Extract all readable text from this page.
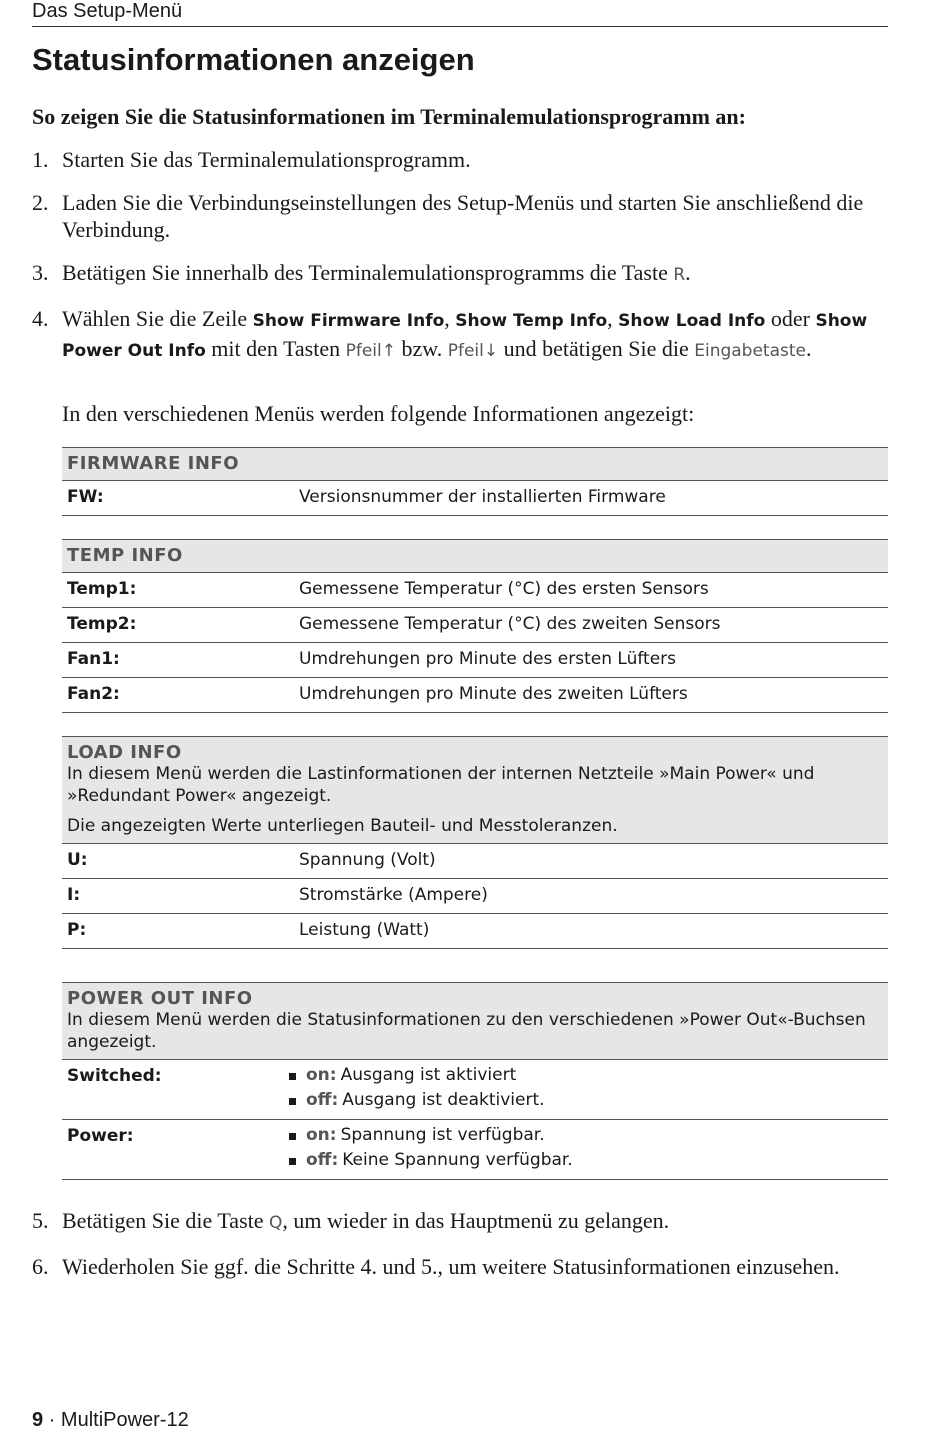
Das Setup-Menü
Statusinformationen anzeigen
So zeigen Sie die Statusinformationen im Terminalemulationsprogramm an:
1. Starten Sie das Terminalemulationsprogramm.
2. Laden Sie die Verbindungseinstellungen des Setup-Menüs und starten Sie anschließend die Verbindung.
3. Betätigen Sie innerhalb des Terminalemulationsprogramms die Taste R.
4. Wählen Sie die Zeile Show Firmware Info, Show Temp Info, Show Load Info oder Show Power Out Info mit den Tasten Pfeil↑ bzw. Pfeil↓ und betätigen Sie die Eingabetaste.
In den verschiedenen Menüs werden folgende Informationen angezeigt:
FIRMWARE INFO
FW:	Versionsnummer der installierten Firmware
TEMP INFO
Temp1:	Gemessene Temperatur (°C) des ersten Sensors
Temp2:	Gemessene Temperatur (°C) des zweiten Sensors
Fan1:	Umdrehungen pro Minute des ersten Lüfters
Fan2:	Umdrehungen pro Minute des zweiten Lüfters
LOAD INFO
In diesem Menü werden die Lastinformationen der internen Netzteile »Main Power« und »Redundant Power« angezeigt.
Die angezeigten Werte unterliegen Bauteil- und Messtoleranzen.
U:	Spannung (Volt)
I:	Stromstärke (Ampere)
P:	Leistung (Watt)
POWER OUT INFO
In diesem Menü werden die Statusinformationen zu den verschiedenen »Power Out«-Buchsen angezeigt.
Switched:	on: Ausgang ist aktiviert
off: Ausgang ist deaktiviert.
Power:	on: Spannung ist verfügbar.
off: Keine Spannung verfügbar.
5. Betätigen Sie die Taste Q, um wieder in das Hauptmenü zu gelangen.
6. Wiederholen Sie ggf. die Schritte 4. und 5., um weitere Statusinformationen einzusehen.
9 · MultiPower-12
